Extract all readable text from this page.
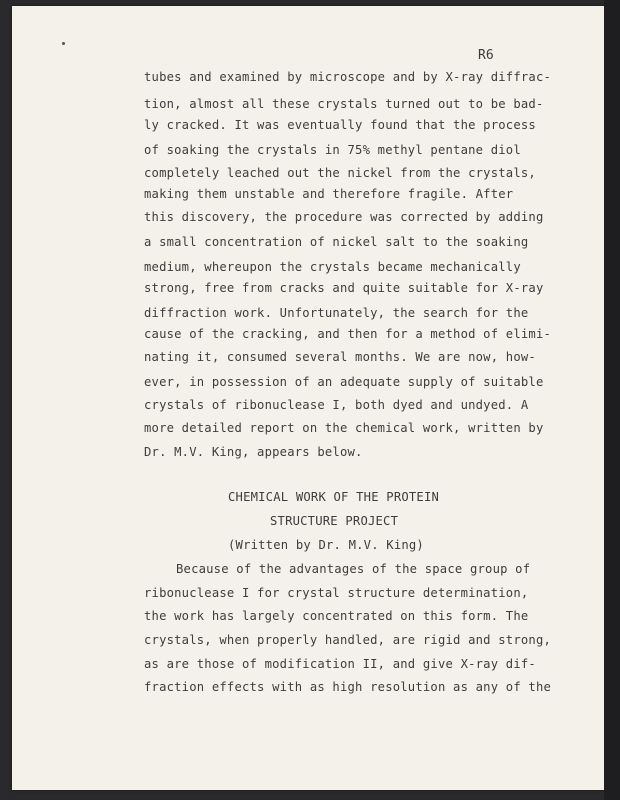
R6
tubes and examined by microscope and by X-ray diffrac-
tion, almost all these crystals turned out to be bad-
ly cracked. It was eventually found that the process
of soaking the crystals in 75% methyl pentane diol
completely leached out the nickel from the crystals,
making them unstable and therefore fragile. After
this discovery, the procedure was corrected by adding
a small concentration of nickel salt to the soaking
medium, whereupon the crystals became mechanically
strong, free from cracks and quite suitable for X-ray
diffraction work. Unfortunately, the search for the
cause of the cracking, and then for a method of elimi-
nating it, consumed several months. We are now, how-
ever, in possession of an adequate supply of suitable
crystals of ribonuclease I, both dyed and undyed. A
more detailed report on the chemical work, written by
Dr. M.V. King, appears below.
CHEMICAL WORK OF THE PROTEIN
STRUCTURE PROJECT
(Written by Dr. M.V. King)
Because of the advantages of the space group of
ribonuclease I for crystal structure determination,
the work has largely concentrated on this form. The
crystals, when properly handled, are rigid and strong,
as are those of modification II, and give X-ray dif-
fraction effects with as high resolution as any of the
